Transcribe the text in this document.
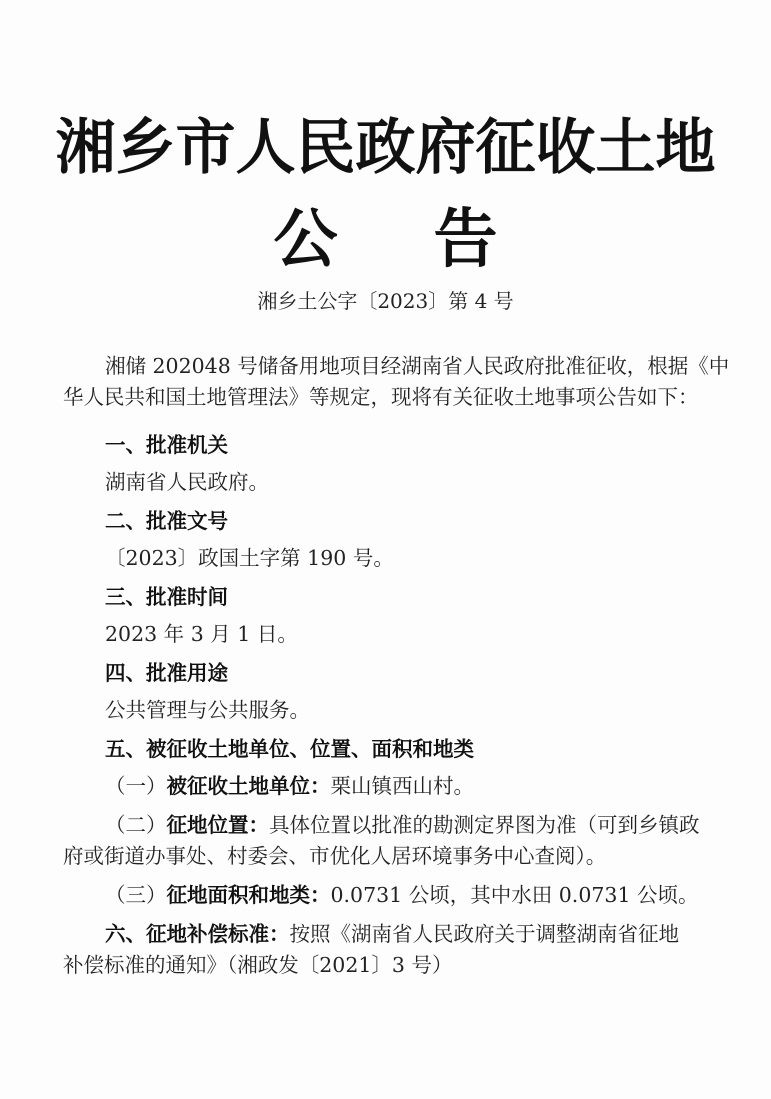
湘乡市人民政府征收土地
公 告
湘乡土公字〔2023〕第 4 号
湘储 202048 号储备用地项目经湖南省人民政府批准征收，根据《中
华人民共和国土地管理法》等规定，现将有关征收土地事项公告如下：
一、批准机关
湖南省人民政府。
二、批准文号
〔2023〕政国土字第 190 号。
三、批准时间
2023 年 3 月 1 日。
四、批准用途
公共管理与公共服务。
五、被征收土地单位、位置、面积和地类
（一）被征收土地单位：栗山镇西山村。
（二）征地位置：具体位置以批准的勘测定界图为准（可到乡镇政
府或街道办事处、村委会、市优化人居环境事务中心查阅）。
（三）征地面积和地类：0.0731 公顷，其中水田 0.0731 公顷。
六、征地补偿标准：按照《湖南省人民政府关于调整湖南省征地
补偿标准的通知》（湘政发〔2021〕3 号）
